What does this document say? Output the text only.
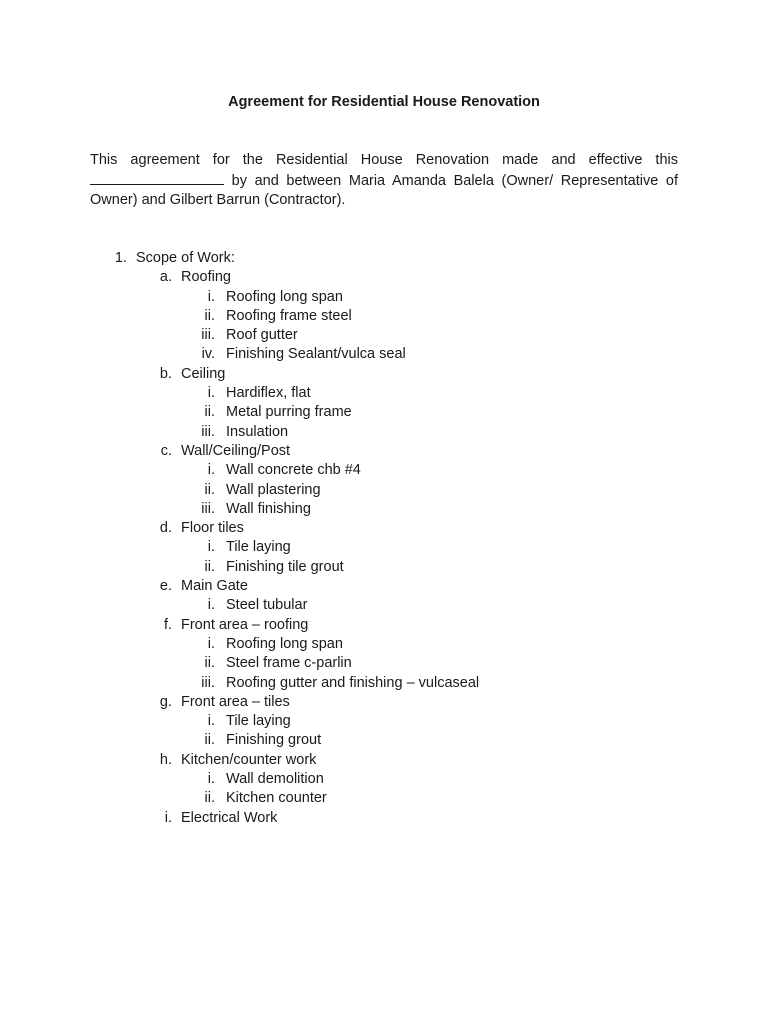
Agreement for Residential House Renovation

This agreement for the Residential House Renovation made and effective this
by and between Maria Amanda Balela (Owner/ Representative of
Owner) and Gilbert Barrun (Contractor).

1. Scope of Work:
a. Roofing
i. Roofing long span
ii. Roofing frame steel
iii. Roof gutter
iv. Finishing Sealant/vulca seal
b. Ceiling
i. Hardiflex, flat
ii. Metal purring frame
iii. Insulation
c. Wall/Ceiling/Post
i. Wall concrete chb #4
ii. Wall plastering
iii. Wall finishing
d. Floor tiles
i. Tile laying
ii. Finishing tile grout
e. Main Gate
i. Steel tubular
f. Front area – roofing
i. Roofing long span
ii. Steel frame c-parlin
iii. Roofing gutter and finishing – vulcaseal
g. Front area – tiles
i. Tile laying
ii. Finishing grout
h. Kitchen/counter work
i. Wall demolition
ii. Kitchen counter
i. Electrical Work
